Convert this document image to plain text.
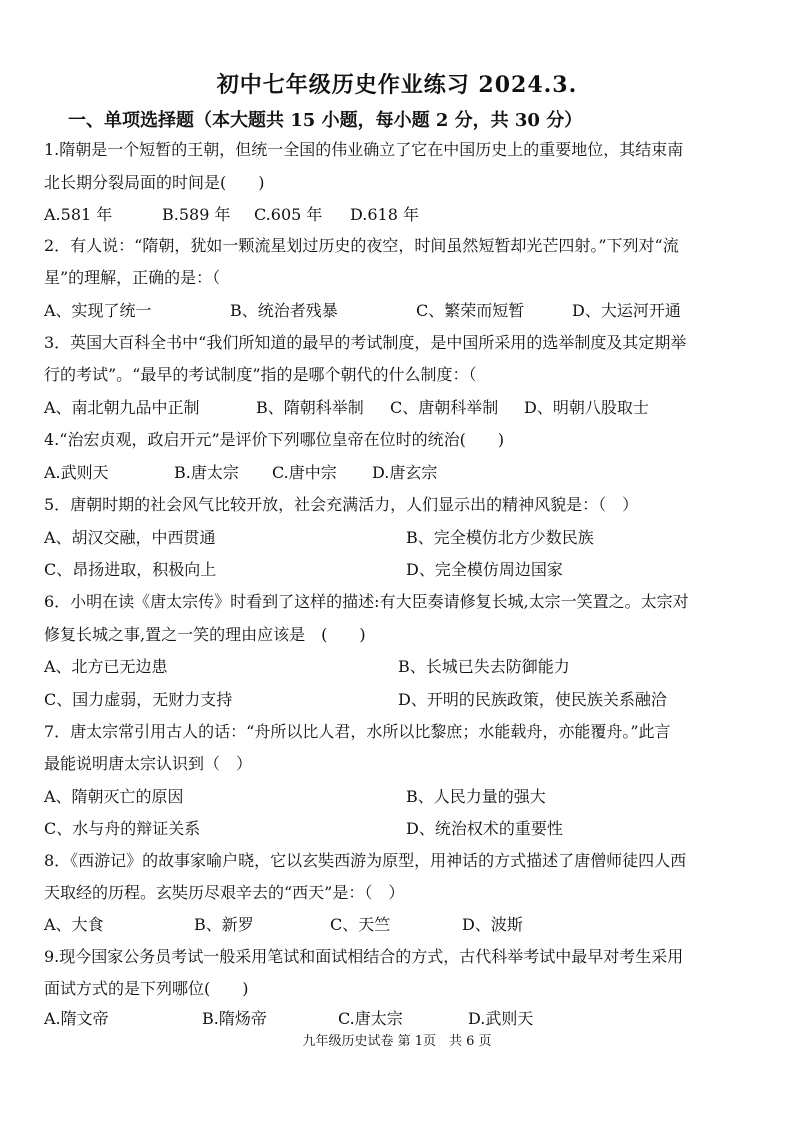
初中七年级历史作业练习 2024.3.
一、单项选择题（本大题共 15 小题，每小题 2 分，共 30 分）
1.隋朝是一个短暂的王朝，但统一全国的伟业确立了它在中国历史上的重要地位，其结束南
北长期分裂局面的时间是(　　)
A.581 年	B.589 年 C.605 年 D.618 年
2．有人说：“隋朝，犹如一颗流星划过历史的夜空，时间虽然短暂却光芒四射。”下列对“流
星”的理解，正确的是：（
A、实现了统一	B、统治者残暴	C、繁荣而短暂	D、大运河开通
3．英国大百科全书中“我们所知道的最早的考试制度，是中国所采用的选举制度及其定期举
行的考试”。“最早的考试制度”指的是哪个朝代的什么制度：（
A、南北朝九品中正制	B、隋朝科举制 C、唐朝科举制 D、明朝八股取士
4.“治宏贞观，政启开元”是评价下列哪位皇帝在位时的统治(　　)
A.武则天	B.唐太宗 C.唐中宗 D.唐玄宗
5．唐朝时期的社会风气比较开放，社会充满活力，人们显示出的精神风貌是：（　）
A、胡汉交融，中西贯通	B、完全模仿北方少数民族
C、昂扬进取，积极向上	D、完全模仿周边国家
6．小明在读《唐太宗传》时看到了这样的描述:有大臣奏请修复长城,太宗一笑置之。太宗对
修复长城之事,置之一笑的理由应该是　(　　)
A、北方已无边患	B、长城已失去防御能力
C、国力虚弱，无财力支持	D、开明的民族政策，使民族关系融洽
7．唐太宗常引用古人的话：“舟所以比人君，水所以比黎庶；水能载舟，亦能覆舟。”此言
最能说明唐太宗认识到（　）
A、隋朝灭亡的原因	B、人民力量的强大
C、水与舟的辩证关系	D、统治权术的重要性
8．《西游记》的故事家喻户晓，它以玄奘西游为原型，用神话的方式描述了唐僧师徒四人西
天取经的历程。玄奘历尽艰辛去的“西天”是：（　）
A、大食	B、新罗	C、天竺	D、波斯
9.现今国家公务员考试一般采用笔试和面试相结合的方式，古代科举考试中最早对考生采用
面试方式的是下列哪位(　　)
A.隋文帝	B.隋炀帝	C.唐太宗	D.武则天
九年级历史试卷 第 1页　共 6 页
